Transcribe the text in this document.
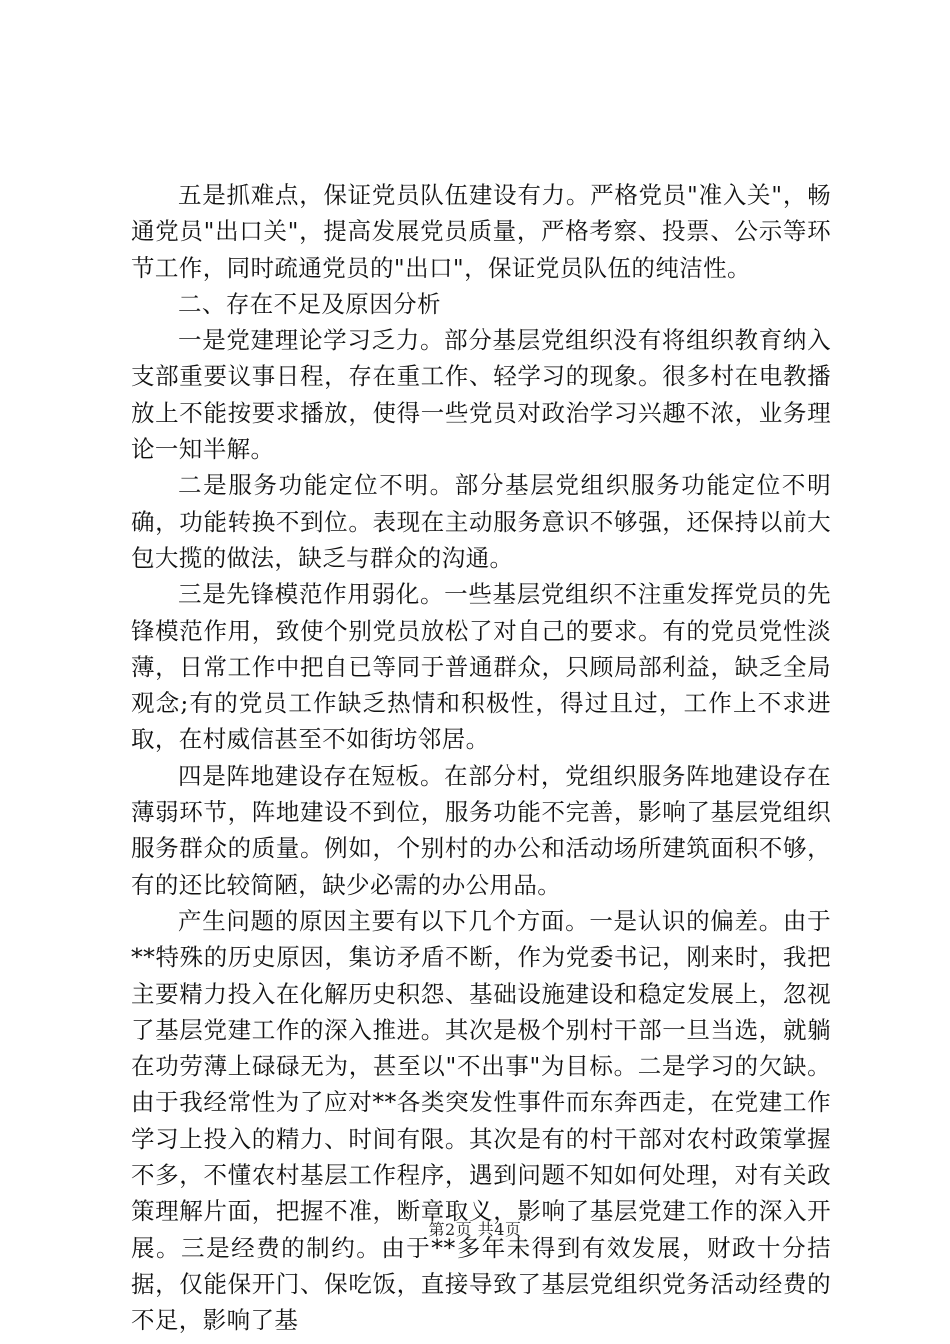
五是抓难点，保证党员队伍建设有力。严格党员"准入关"，畅通党员"出口关"，提高发展党员质量，严格考察、投票、公示等环节工作，同时疏通党员的"出口"，保证党员队伍的纯洁性。

二、存在不足及原因分析

一是党建理论学习乏力。部分基层党组织没有将组织教育纳入支部重要议事日程，存在重工作、轻学习的现象。很多村在电教播放上不能按要求播放，使得一些党员对政治学习兴趣不浓，业务理论一知半解。

二是服务功能定位不明。部分基层党组织服务功能定位不明确，功能转换不到位。表现在主动服务意识不够强，还保持以前大包大揽的做法，缺乏与群众的沟通。

三是先锋模范作用弱化。一些基层党组织不注重发挥党员的先锋模范作用，致使个别党员放松了对自己的要求。有的党员党性淡薄，日常工作中把自已等同于普通群众，只顾局部利益，缺乏全局观念;有的党员工作缺乏热情和积极性，得过且过，工作上不求进取，在村威信甚至不如街坊邻居。

四是阵地建设存在短板。在部分村，党组织服务阵地建设存在薄弱环节，阵地建设不到位，服务功能不完善，影响了基层党组织服务群众的质量。例如，个别村的办公和活动场所建筑面积不够，有的还比较简陋，缺少必需的办公用品。

产生问题的原因主要有以下几个方面。一是认识的偏差。由于**特殊的历史原因，集访矛盾不断，作为党委书记，刚来时，我把主要精力投入在化解历史积怨、基础设施建设和稳定发展上，忽视了基层党建工作的深入推进。其次是极个别村干部一旦当选，就躺在功劳薄上碌碌无为，甚至以"不出事"为目标。二是学习的欠缺。由于我经常性为了应对**各类突发性事件而东奔西走，在党建工作学习上投入的精力、时间有限。其次是有的村干部对农村政策掌握不多，不懂农村基层工作程序，遇到问题不知如何处理，对有关政策理解片面，把握不准，断章取义，影响了基层党建工作的深入开展。三是经费的制约。由于**多年未得到有效发展，财政十分拮据，仅能保开门、保吃饭，直接导致了基层党组织党务活动经费的不足，影响了基

第2页 共4页
